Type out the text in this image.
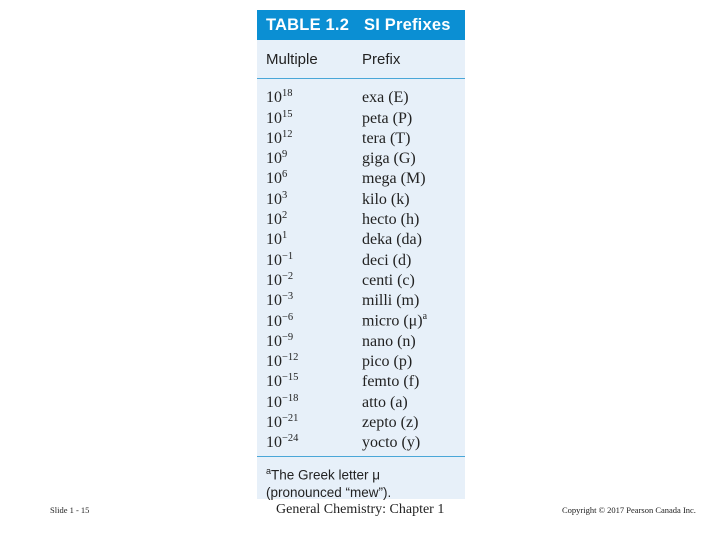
TABLE 1.2 SI Prefixes
Multiple	Prefix
$10^{18}$	exa (E)
$10^{15}$	peta (P)
$10^{12}$	tera (T)
$10^9$	giga (G)
$10^6$	mega (M)
$10^3$	kilo (k)
$10^2$	hecto (h)
$10^1$	deka (da)
$10^{-1}$	deci (d)
$10^{-2}$	centi (c)
$10^{-3}$	milli (m)
$10^{-6}$	micro $(\mu)^a$
$10^{-9}$	nano (n)
$10^{-12}$	pico (p)
$10^{-15}$	femto (f)
$10^{-18}$	atto (a)
$10^{-21}$	zepto (z)
$10^{-24}$	yocto (y)
$^a$The Greek letter μ
(pronounced “mew”).
Slide 1 - 15	General Chemistry: Chapter 1	Copyright © 2017 Pearson Canada Inc.
